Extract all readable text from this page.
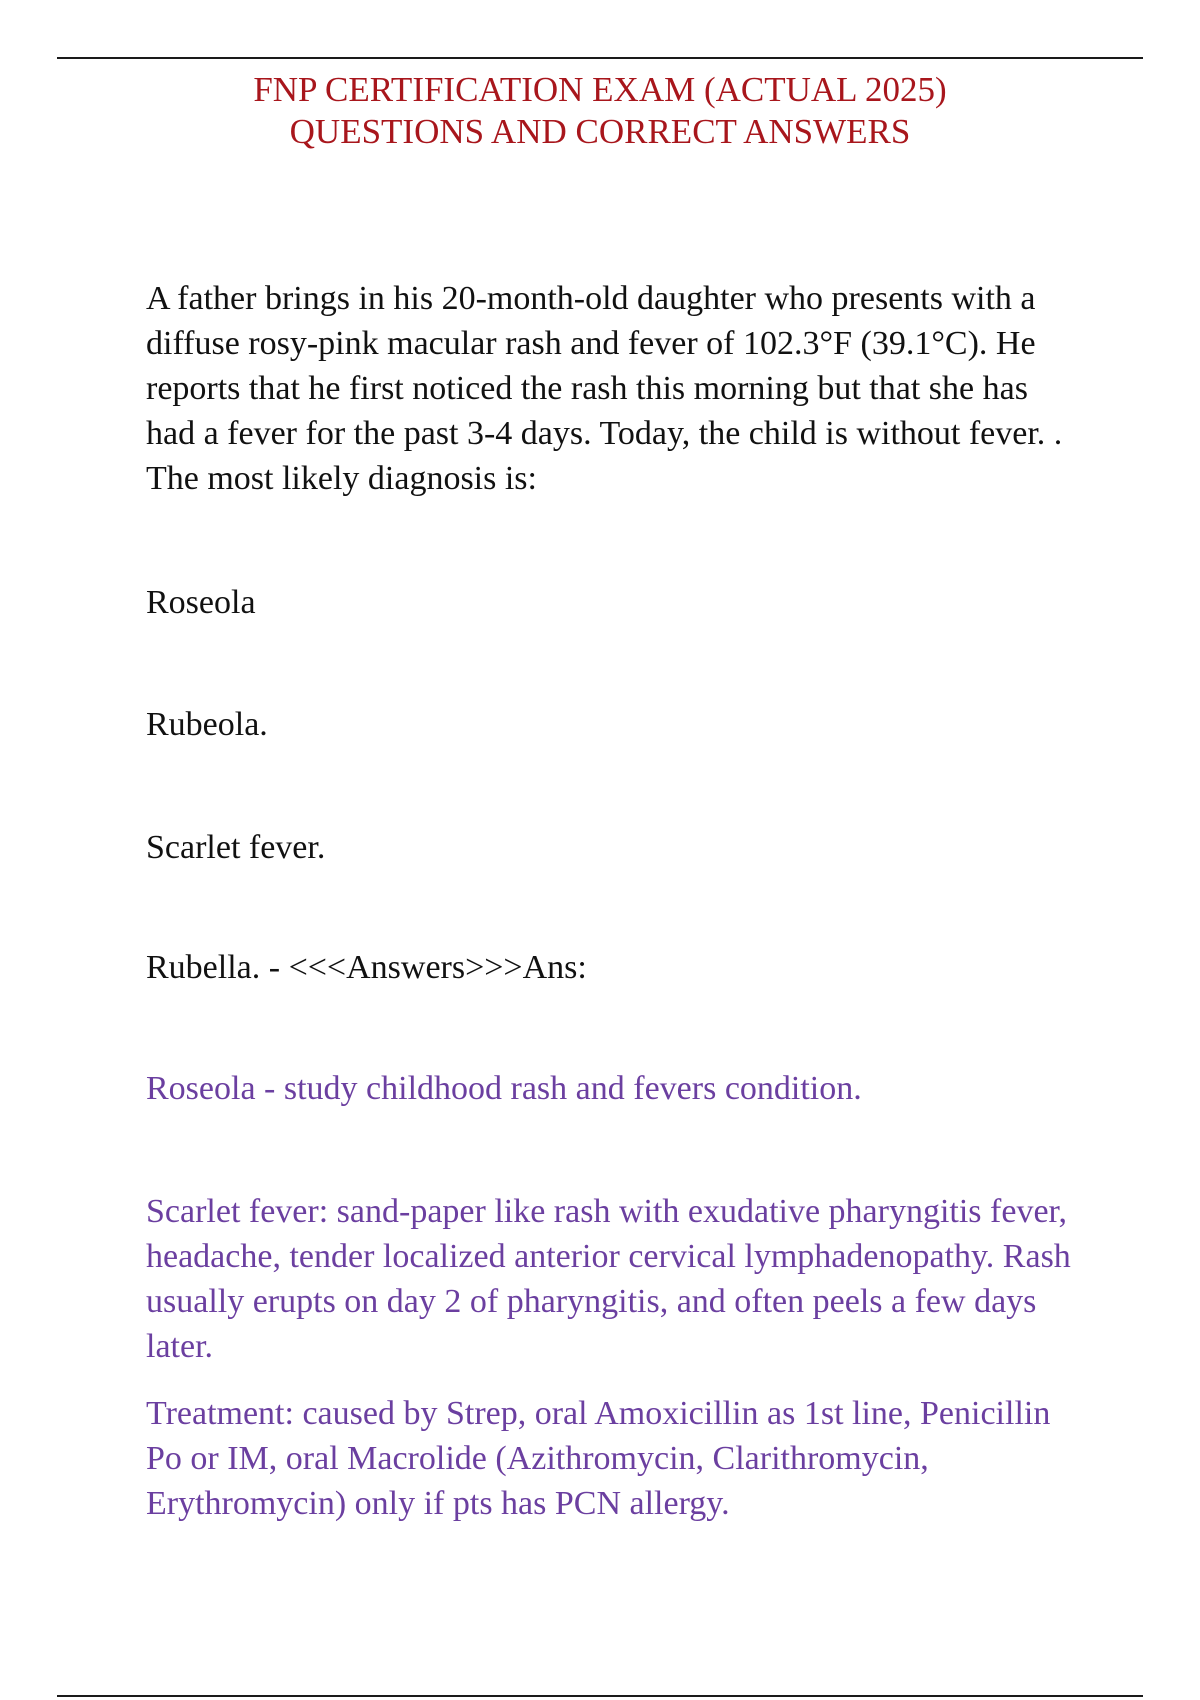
FNP CERTIFICATION EXAM (ACTUAL 2025)
QUESTIONS AND CORRECT ANSWERS

A father brings in his 20-month-old daughter who presents with a diffuse rosy-pink macular rash and fever of 102.3°F (39.1°C). He reports that he first noticed the rash this morning but that she has had a fever for the past 3-4 days. Today, the child is without fever. . The most likely diagnosis is:

Roseola

Rubeola.

Scarlet fever.

Rubella. - <<<Answers>>>Ans:

Roseola - study childhood rash and fevers condition.

Scarlet fever: sand-paper like rash with exudative pharyngitis fever, headache, tender localized anterior cervical lymphadenopathy. Rash usually erupts on day 2 of pharyngitis, and often peels a few days later.

Treatment: caused by Strep, oral Amoxicillin as 1st line, Penicillin Po or IM, oral Macrolide (Azithromycin, Clarithromycin, Erythromycin) only if pts has PCN allergy.
